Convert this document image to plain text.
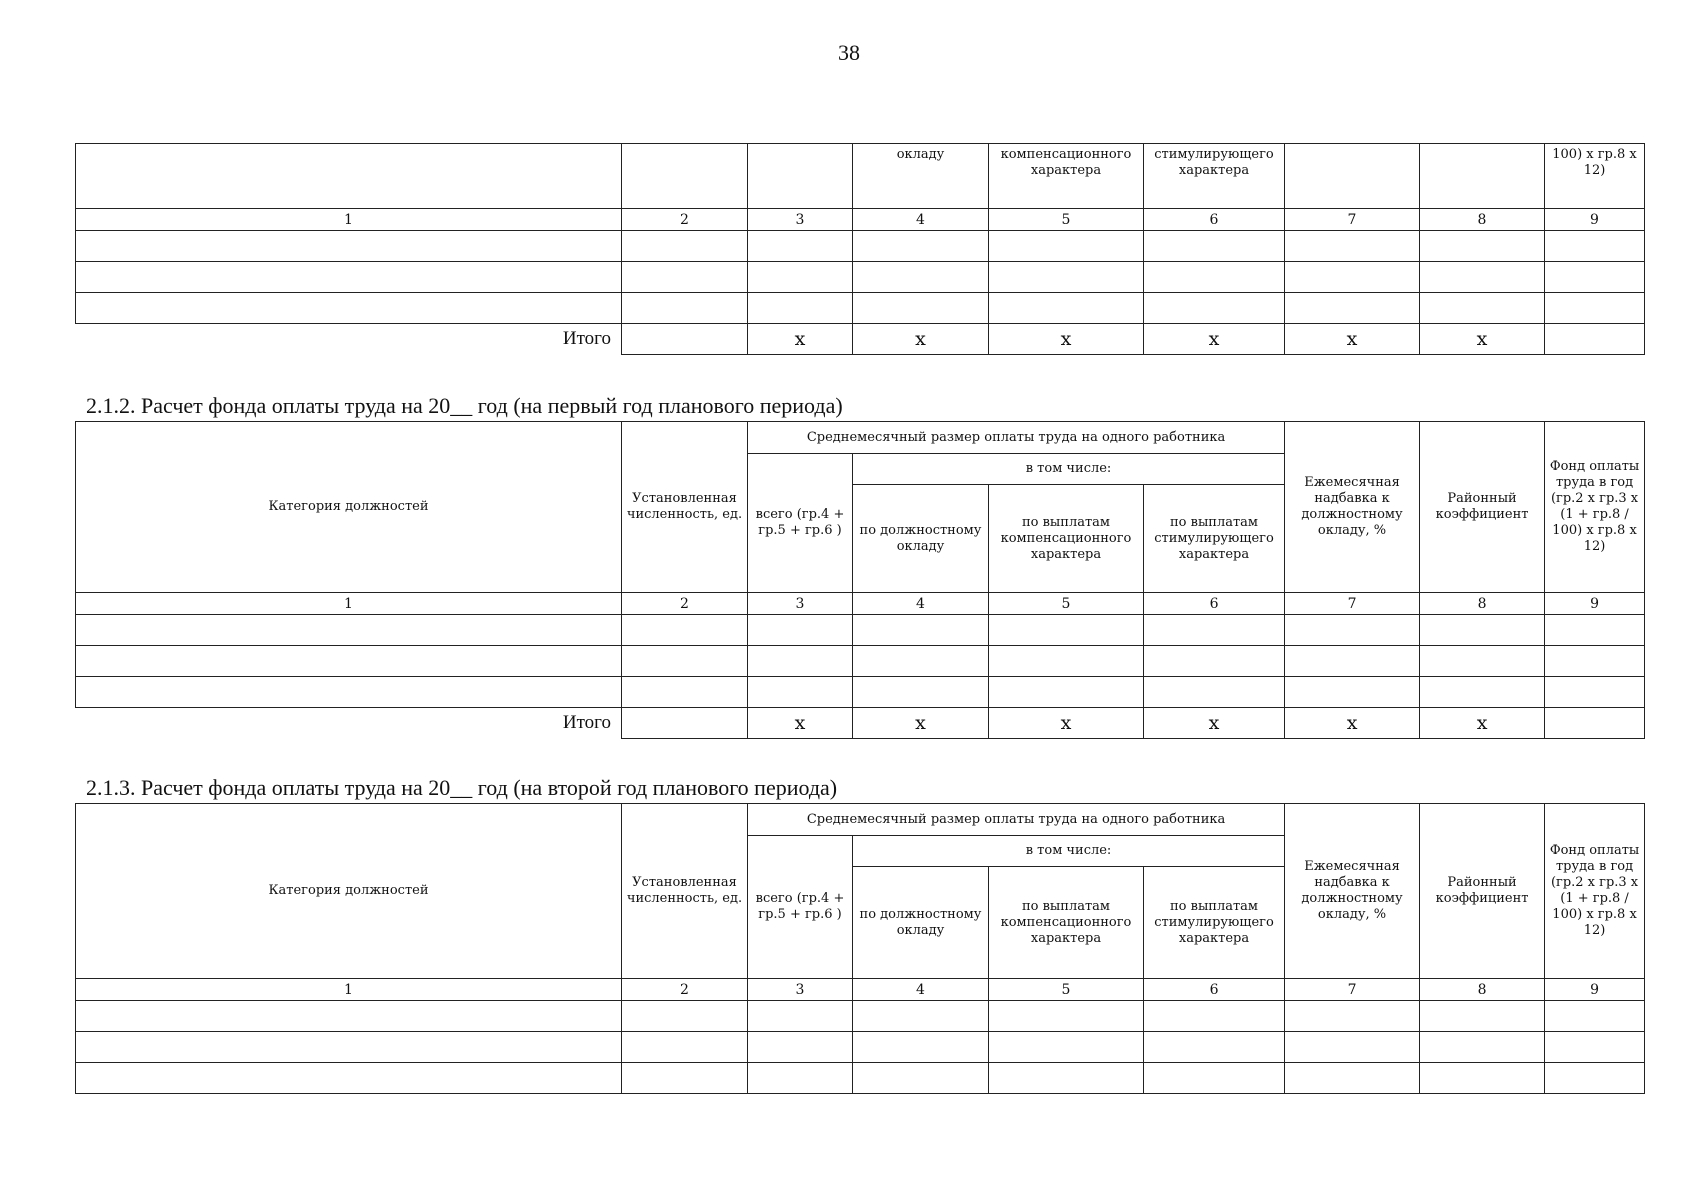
38
			окладу	компенсационного характера	стимулирующего характера			100) х гр.8 х 12)
1	2	3	4	5	6	7	8	9

Итого		х	х	х	х	х	х	
2.1.2. Расчет фонда оплаты труда на 20__ год (на первый год планового периода)
Категория должностей	Установленная численность, ед.	Среднемесячный размер оплаты труда на одного работника				Ежемесячная надбавка к должностному окладу, %	Районный коэффициент	Фонд оплаты труда в год (гр.2 х гр.3 х (1 + гр.8 / 100) х гр.8 х 12)
		всего (гр.4 + гр.5 + гр.6 )	в том числе:					
			по должностному окладу	по выплатам компенсационного характера	по выплатам стимулирующего характера			
1	2	3	4	5	6	7	8	9

Итого		х	х	х	х	х	х	
2.1.3. Расчет фонда оплаты труда на 20__ год (на второй год планового периода)
Категория должностей	Установленная численность, ед.	Среднемесячный размер оплаты труда на одного работника				Ежемесячная надбавка к должностному окладу, %	Районный коэффициент	Фонд оплаты труда в год (гр.2 х гр.3 х (1 + гр.8 / 100) х гр.8 х 12)
		всего (гр.4 + гр.5 + гр.6 )	в том числе:					
			по должностному окладу	по выплатам компенсационного характера	по выплатам стимулирующего характера			
1	2	3	4	5	6	7	8	9
